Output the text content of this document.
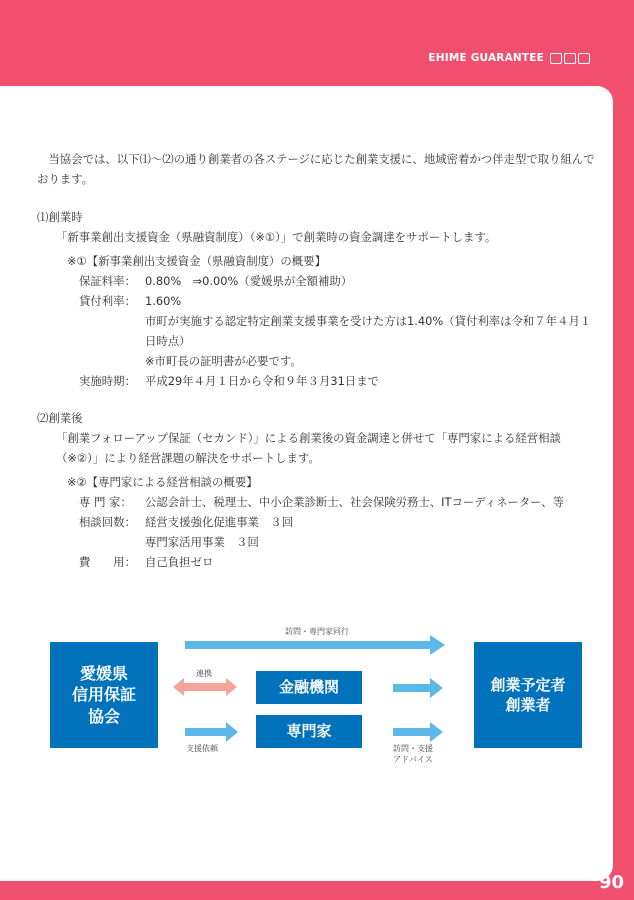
EHIME GUARANTEE

当協会では、以下⑴〜⑵の通り創業者の各ステージに応じた創業支援に、地域密着かつ伴走型で取り組んでおります。

⑴創業時
「新事業創出支援資金（県融資制度）（※①）」で創業時の資金調達をサポートします。
※①【新事業創出支援資金（県融資制度）の概要】
保証料率： 0.80%　⇒0.00%（愛媛県が全額補助）
貸付利率： 1.60%
市町が実施する認定特定創業支援事業を受けた方は1.40%（貸付利率は令和７年４月１日時点）
※市町長の証明書が必要です。
実施時期： 平成29年４月１日から令和９年３月31日まで
⑵創業後
「創業フォローアップ保証（セカンド）」による創業後の資金調達と併せて「専門家による経営相談（※②）」により経営課題の解決をサポートします。
※②【専門家による経営相談の概要】
専 門 家：	公認会計士、税理士、中小企業診断士、社会保険労務士、ITコーディネーター、等
相談回数： 経営支援強化促進事業　３回
専門家活用事業　３回
費　　用： 自己負担ゼロ
愛媛県
信用保証
協会
金融機関
専門家
創業予定者
創業者
訪問・専門家同行
連携
支援依頼	訪問・支援
アドバイス
90
